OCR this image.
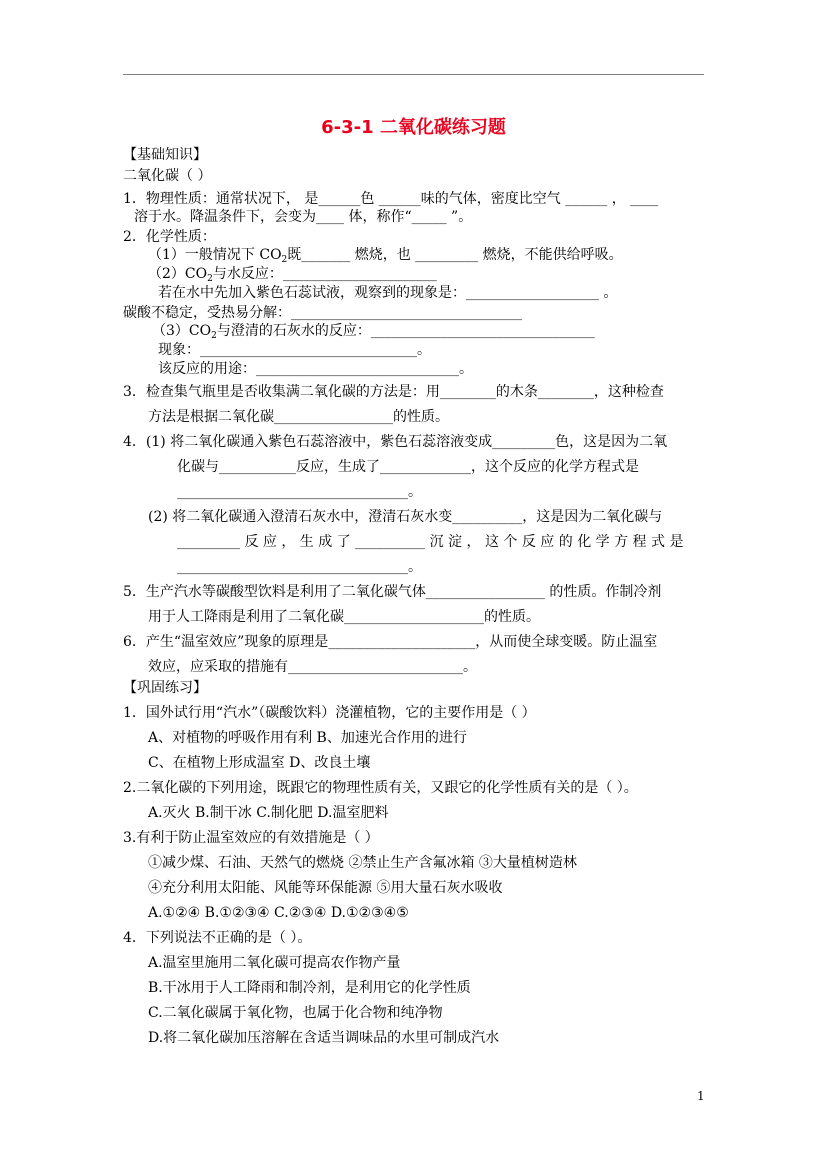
6-3-1 二氧化碳练习题
【基础知识】
二氧化碳（ ）
1．物理性质：通常状况下， 是______色 ______味的气体，密度比空气 ______ ， ____
溶于水。降温条件下，会变为____ 体，称作“_____ ”。
2．化学性质：
（1）一般情况下 $CO_2$既_______ 燃烧，也 _________ 燃烧，不能供给呼吸。
$(2)CO_2$与水反应：______________________
若在水中先加入紫色石蕊试液，观察到的现象是：___________________ 。
碳酸不稳定，受热易分解：_________________________________
$(3)CO_2$与澄清的石灰水的反应：________________________________
现象：_______________________________。
该反应的用途：_____________________________。
3．检查集气瓶里是否收集满二氧化碳的方法是：用________的木条________，这种检查
方法是根据二氧化碳_________________的性质。
4．(1) 将二氧化碳通入紫色石蕊溶液中，紫色石蕊溶液变成_________色，这是因为二氧
化碳与___________反应，生成了_____________，这个反应的化学方程式是
_________________________________。
(2) 将二氧化碳通入澄清石灰水中，澄清石灰水变__________，这是因为二氧化碳与
_________ 反 应 ， 生 成 了 __________ 沉 淀 ， 这 个 反 应 的 化 学 方 程 式 是
_________________________________。
5．生产汽水等碳酸型饮料是利用了二氧化碳气体_________________ 的性质。作制冷剂
用于人工降雨是利用了二氧化碳____________________的性质。
6．产生“温室效应”现象的原理是_____________________，从而使全球变暖。防止温室
效应，应采取的措施有_________________________。
【巩固练习】
1．国外试行用“汽水”（碳酸饮料）浇灌植物，它的主要作用是（ ）
A、对植物的呼吸作用有利 B、加速光合作用的进行
C、在植物上形成温室 D、改良土壤
2.二氧化碳的下列用途，既跟它的物理性质有关，又跟它的化学性质有关的是（ ）。
A.灭火 B.制干冰 C.制化肥 D.温室肥料
3.有利于防止温室效应的有效措施是（ ）
①减少煤、石油、天然气的燃烧 ②禁止生产含氟冰箱 ③大量植树造林
④充分利用太阳能、风能等环保能源 ⑤用大量石灰水吸收
A.①②④ B.①②③④ C.②③④ D.①②③④⑤
4．下列说法不正确的是（ ）。
A.温室里施用二氧化碳可提高农作物产量
B.干冰用于人工降雨和制冷剂，是利用它的化学性质
C.二氧化碳属于氧化物，也属于化合物和纯净物
D.将二氧化碳加压溶解在含适当调味品的水里可制成汽水
1
